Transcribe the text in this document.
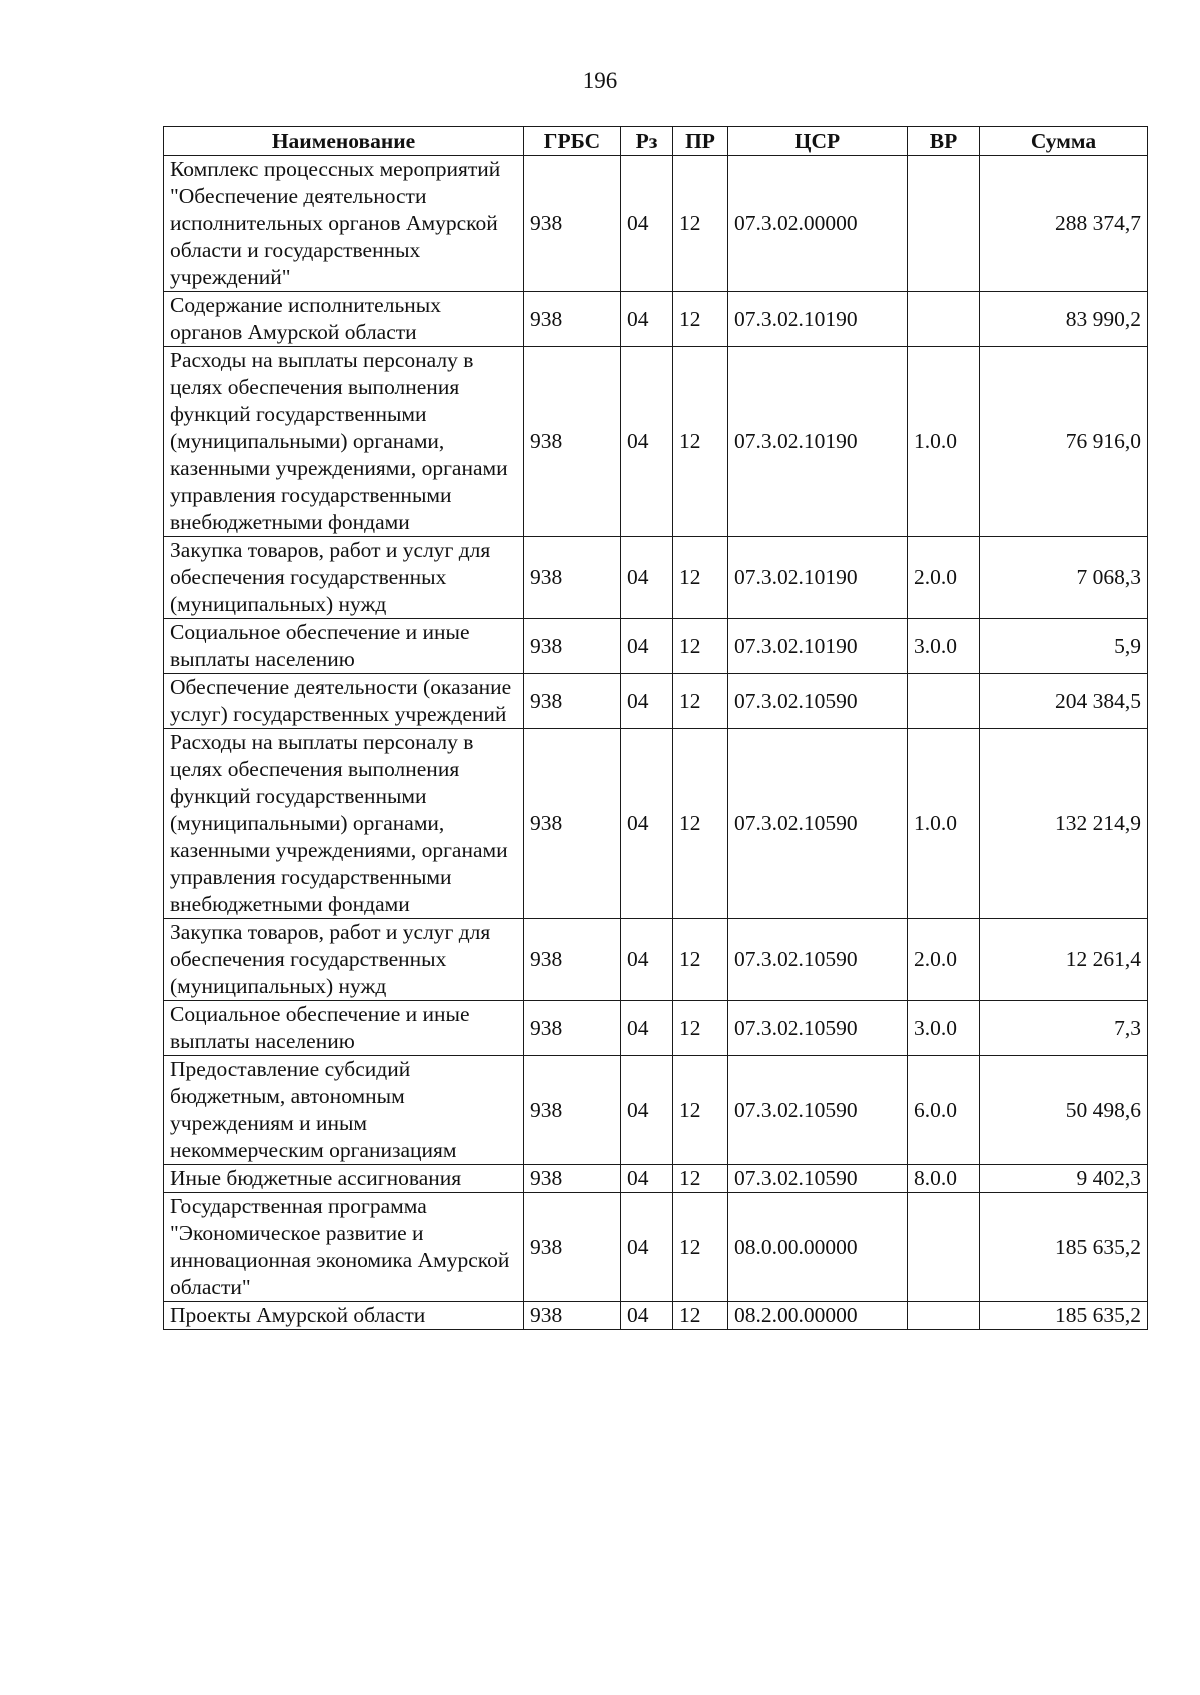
196
Наименование	ГРБС	Рз	ПР	ЦСР	ВР	Сумма
Комплекс процессных мероприятий "Обеспечение деятельности исполнительных органов Амурской области и государственных учреждений"	938	04	12	07.3.02.00000		288 374,7
Содержание исполнительных органов Амурской области	938	04	12	07.3.02.10190		83 990,2
Расходы на выплаты персоналу в целях обеспечения выполнения функций государственными (муниципальными) органами, казенными учреждениями, органами управления государственными внебюджетными фондами	938	04	12	07.3.02.10190	1.0.0	76 916,0
Закупка товаров, работ и услуг для обеспечения государственных (муниципальных) нужд	938	04	12	07.3.02.10190	2.0.0	7 068,3
Социальное обеспечение и иные выплаты населению	938	04	12	07.3.02.10190	3.0.0	5,9
Обеспечение деятельности (оказание услуг) государственных учреждений	938	04	12	07.3.02.10590		204 384,5
Расходы на выплаты персоналу в целях обеспечения выполнения функций государственными (муниципальными) органами, казенными учреждениями, органами управления государственными внебюджетными фондами	938	04	12	07.3.02.10590	1.0.0	132 214,9
Закупка товаров, работ и услуг для обеспечения государственных (муниципальных) нужд	938	04	12	07.3.02.10590	2.0.0	12 261,4
Социальное обеспечение и иные выплаты населению	938	04	12	07.3.02.10590	3.0.0	7,3
Предоставление субсидий бюджетным, автономным учреждениям и иным некоммерческим организациям	938	04	12	07.3.02.10590	6.0.0	50 498,6
Иные бюджетные ассигнования	938	04	12	07.3.02.10590	8.0.0	9 402,3
Государственная программа "Экономическое развитие и инновационная экономика Амурской области"	938	04	12	08.0.00.00000		185 635,2
Проекты Амурской области	938	04	12	08.2.00.00000		185 635,2
